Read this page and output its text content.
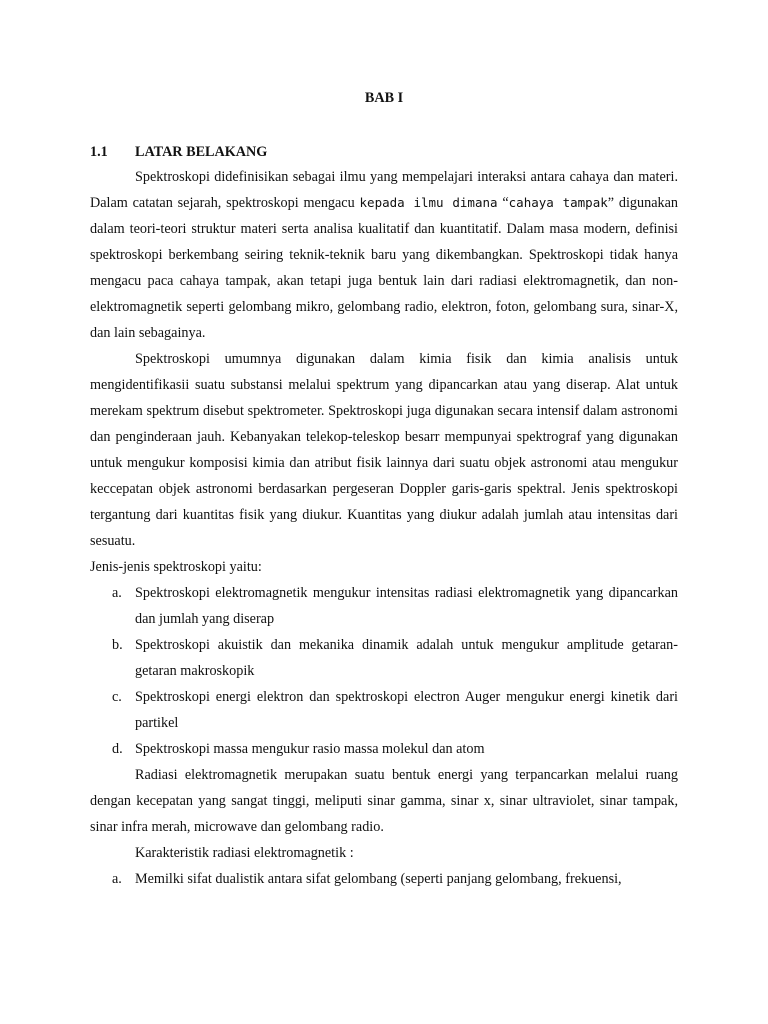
BAB I
1.1 LATAR BELAKANG

Spektroskopi didefinisikan sebagai ilmu yang mempelajari interaksi antara cahaya dan materi. Dalam catatan sejarah, spektroskopi mengacu kepada ilmu dimana “cahaya tampak” digunakan dalam teori-teori struktur materi serta analisa kualitatif dan kuantitatif. Dalam masa modern, definisi spektroskopi berkembang seiring teknik-teknik baru yang dikembangkan. Spektroskopi tidak hanya mengacu paca cahaya tampak, akan tetapi juga bentuk lain dari radiasi elektromagnetik, dan non-elektromagnetik seperti gelombang mikro, gelombang radio, elektron, foton, gelombang sura, sinar-X, dan lain sebagainya.

Spektroskopi umumnya digunakan dalam kimia fisik dan kimia analisis untuk mengidentifikasii suatu substansi melalui spektrum yang dipancarkan atau yang diserap. Alat untuk merekam spektrum disebut spektrometer. Spektroskopi juga digunakan secara intensif dalam astronomi dan penginderaan jauh. Kebanyakan telekop-teleskop besarr mempunyai spektrograf yang digunakan untuk mengukur komposisi kimia dan atribut fisik lainnya dari suatu objek astronomi atau mengukur keccepatan objek astronomi berdasarkan pergeseran Doppler garis-garis spektral. Jenis spektroskopi tergantung dari kuantitas fisik yang diukur. Kuantitas yang diukur adalah jumlah atau intensitas dari sesuatu.

Jenis-jenis spektroskopi yaitu:

a. Spektroskopi elektromagnetik mengukur intensitas radiasi elektromagnetik yang dipancarkan dan jumlah yang diserap
b. Spektroskopi akuistik dan mekanika dinamik adalah untuk mengukur amplitude getaran-getaran makroskopik
c. Spektroskopi energi elektron dan spektroskopi electron Auger mengukur energi kinetik dari partikel
d. Spektroskopi massa mengukur rasio massa molekul dan atom

Radiasi elektromagnetik merupakan suatu bentuk energi yang terpancarkan melalui ruang dengan kecepatan yang sangat tinggi, meliputi sinar gamma, sinar x, sinar ultraviolet, sinar tampak, sinar infra merah, microwave dan gelombang radio.

Karakteristik radiasi elektromagnetik :

a. Memilki sifat dualistik antara sifat gelombang (seperti panjang gelombang, frekuensi,
